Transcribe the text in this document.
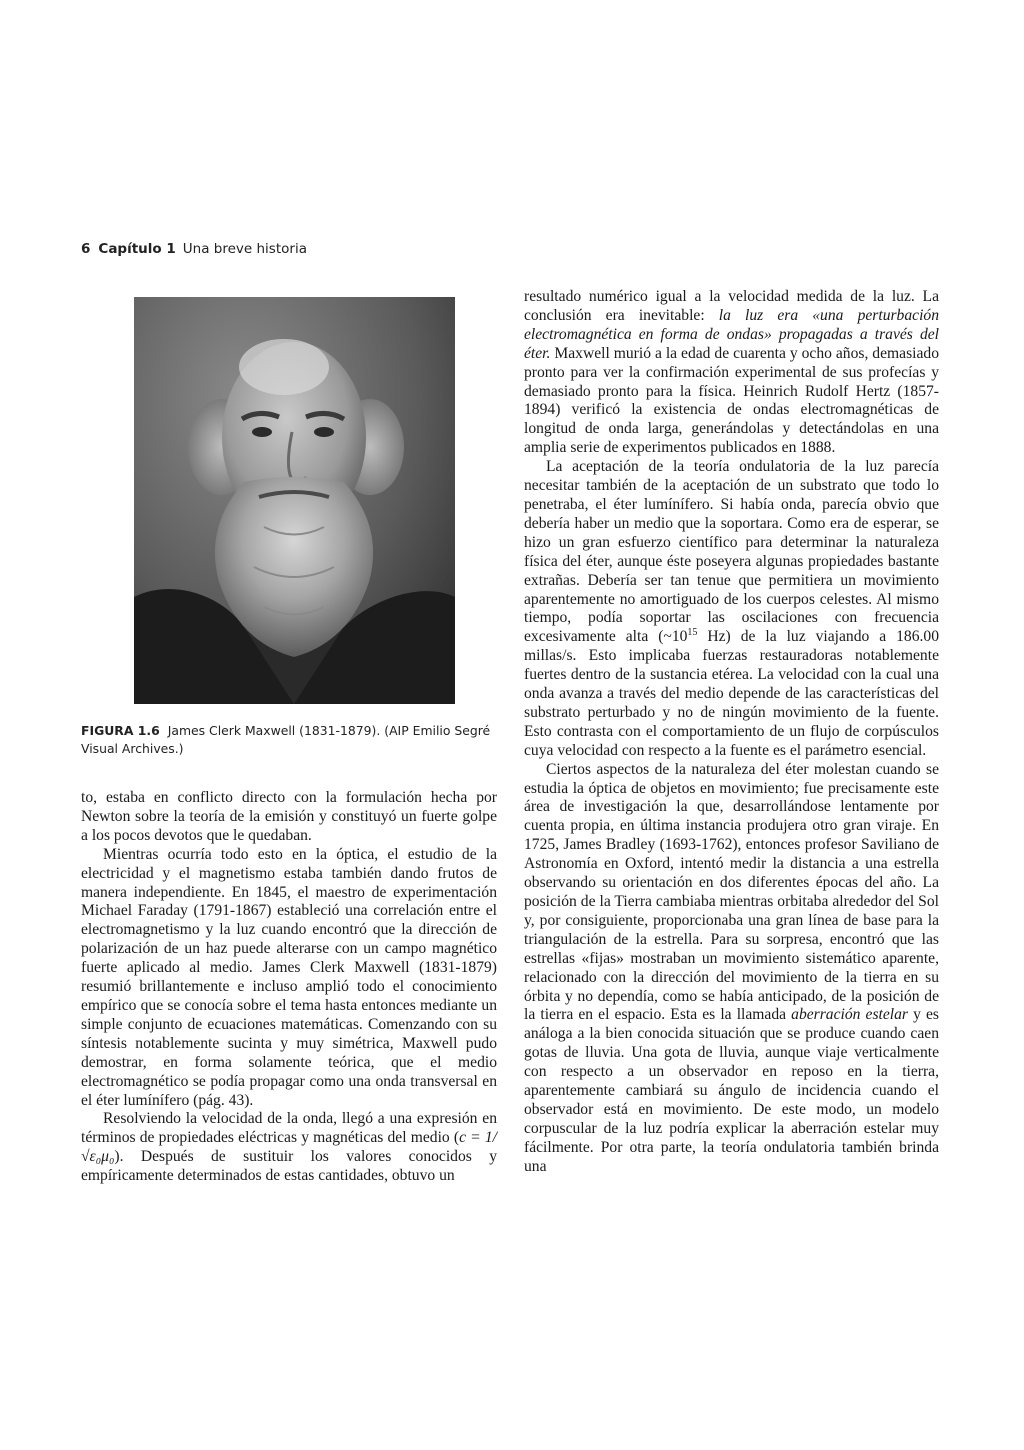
6 Capítulo 1 Una breve historia
FIGURA 1.6 James Clerk Maxwell (1831-1879). (AIP Emilio Segré Visual Archives.)

to, estaba en conflicto directo con la formulación hecha por Newton sobre la teoría de la emisión y constituyó un fuerte golpe a los pocos devotos que le quedaban.

Mientras ocurría todo esto en la óptica, el estudio de la electricidad y el magnetismo estaba también dando frutos de manera independiente. En 1845, el maestro de experimentación Michael Faraday (1791-1867) estableció una correlación entre el electromagnetismo y la luz cuando encontró que la dirección de polarización de un haz puede alterarse con un campo magnético fuerte aplicado al medio. James Clerk Maxwell (1831-1879) resumió brillantemente e incluso amplió todo el conocimiento empírico que se conocía sobre el tema hasta entonces mediante un simple conjunto de ecuaciones matemáticas. Comenzando con su síntesis notablemente sucinta y muy simétrica, Maxwell pudo demostrar, en forma solamente teórica, que el medio electromagnético se podía propagar como una onda transversal en el éter lumínífero (pág. 43).

Resolviendo la velocidad de la onda, llegó a una expresión en términos de propiedades eléctricas y magnéticas del medio (c = 1/√ε₀μ₀). Después de sustituir los valores conocidos y empíricamente determinados de estas cantidades, obtuvo un

resultado numérico igual a la velocidad medida de la luz. La conclusión era inevitable: la luz era «una perturbación electromagnética en forma de ondas» propagadas a través del éter. Maxwell murió a la edad de cuarenta y ocho años, demasiado pronto para ver la confirmación experimental de sus profecías y demasiado pronto para la física. Heinrich Rudolf Hertz (1857-1894) verificó la existencia de ondas electromagnéticas de longitud de onda larga, generándolas y detectándolas en una amplia serie de experimentos publicados en 1888.

La aceptación de la teoría ondulatoria de la luz parecía necesitar también de la aceptación de un substrato que todo lo penetraba, el éter lumínífero. Si había onda, parecía obvio que debería haber un medio que la soportara. Como era de esperar, se hizo un gran esfuerzo científico para determinar la naturaleza física del éter, aunque éste poseyera algunas propiedades bastante extrañas. Debería ser tan tenue que permitiera un movimiento aparentemente no amortiguado de los cuerpos celestes. Al mismo tiempo, podía soportar las oscilaciones con frecuencia excesivamente alta ($\sim 10^{15}$ Hz) de la luz viajando a 186.00 millas/s. Esto implicaba fuerzas restauradoras notablemente fuertes dentro de la sustancia etérea. La velocidad con la cual una onda avanza a través del medio depende de las características del substrato perturbado y no de ningún movimiento de la fuente. Esto contrasta con el comportamiento de un flujo de corpúsculos cuya velocidad con respecto a la fuente es el parámetro esencial.

Ciertos aspectos de la naturaleza del éter molestan cuando se estudia la óptica de objetos en movimiento; fue precisamente este área de investigación la que, desarrollándose lentamente por cuenta propia, en última instancia produjera otro gran viraje. En 1725, James Bradley (1693-1762), entonces profesor Saviliano de Astronomía en Oxford, intentó medir la distancia a una estrella observando su orientación en dos diferentes épocas del año. La posición de la Tierra cambiaba mientras orbitaba alrededor del Sol y, por consiguiente, proporcionaba una gran línea de base para la triangulación de la estrella. Para su sorpresa, encontró que las estrellas «fijas» mostraban un movimiento sistemático aparente, relacionado con la dirección del movimiento de la tierra en su órbita y no dependía, como se había anticipado, de la posición de la tierra en el espacio. Esta es la llamada aberración estelar y es análoga a la bien conocida situación que se produce cuando caen gotas de lluvia. Una gota de lluvia, aunque viaje verticalmente con respecto a un observador en reposo en la tierra, aparentemente cambiará su ángulo de incidencia cuando el observador está en movimiento. De este modo, un modelo corpuscular de la luz podría explicar la aberración estelar muy fácilmente. Por otra parte, la teoría ondulatoria también brinda una
